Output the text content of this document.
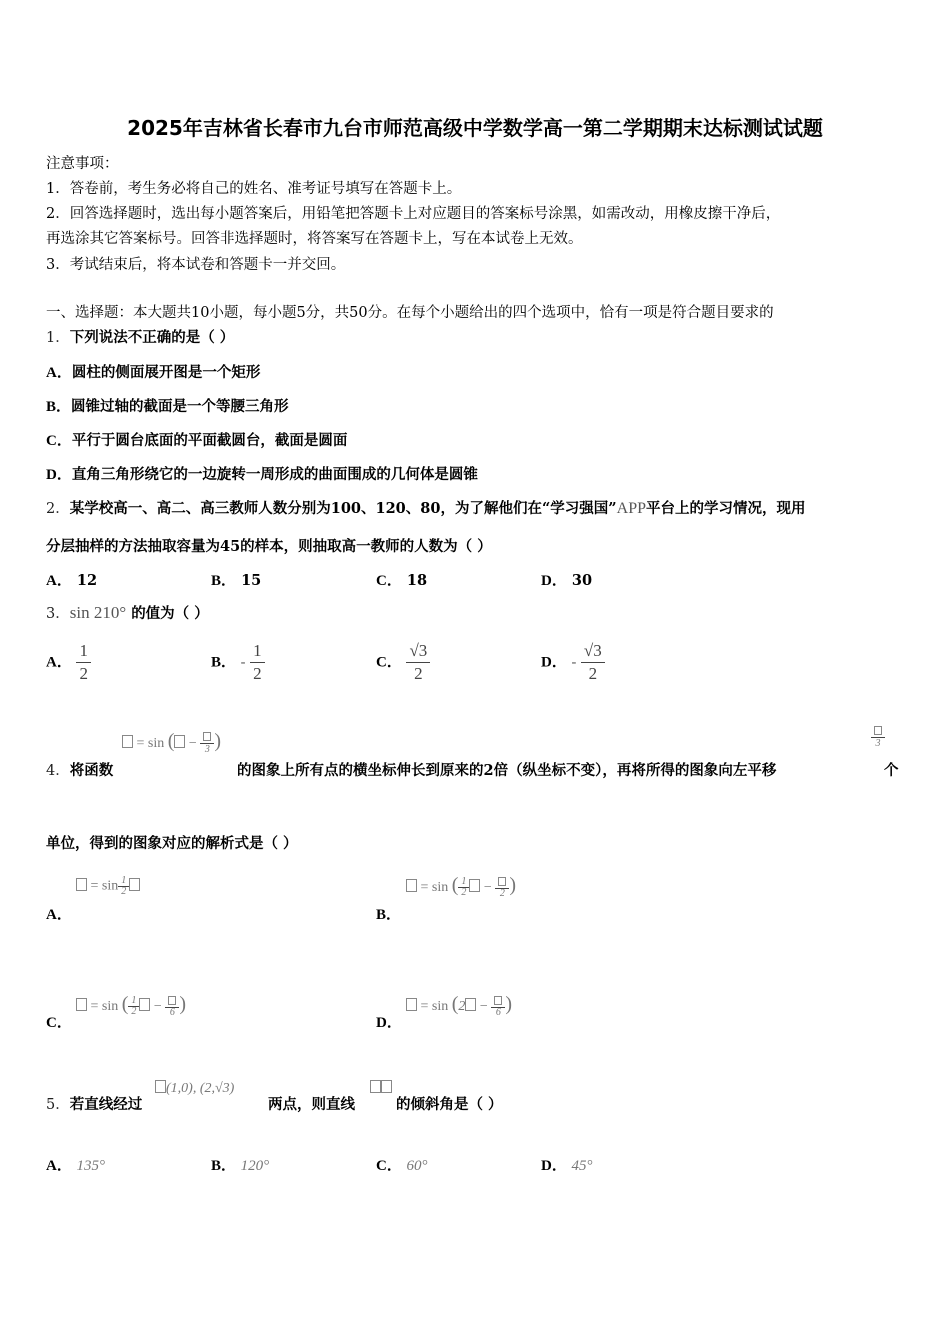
2025年吉林省长春市九台市师范高级中学数学高一第二学期期末达标测试试题
注意事项：
1．答卷前，考生务必将自己的姓名、准考证号填写在答题卡上。
2．回答选择题时，选出每小题答案后，用铅笔把答题卡上对应题目的答案标号涂黑，如需改动，用橡皮擦干净后，
再选涂其它答案标号。回答非选择题时，将答案写在答题卡上，写在本试卷上无效。
3．考试结束后，将本试卷和答题卡一并交回。
一、选择题：本大题共10小题，每小题5分，共50分。在每个小题给出的四个选项中，恰有一项是符合题目要求的
1．下列说法不正确的是（ ）
A．圆柱的侧面展开图是一个矩形
B．圆锥过轴的截面是一个等腰三角形
C．平行于圆台底面的平面截圆台，截面是圆面
D．直角三角形绕它的一边旋转一周形成的曲面围成的几何体是圆锥
2．某学校高一、高二、高三教师人数分别为100、120、80，为了解他们在“学习强国”APP平台上的学习情况，现用
分层抽样的方法抽取容量为45的样本，则抽取高一教师的人数为（ ）
A． 12	B． 15	C． 18	D． 30
3．sin 210° 的值为（ ）
A． $\frac{1}{2}$	B． - $\frac{1}{2}$	C． $\frac{√3}{2}$	D． - $\frac{√3}{2}$
= sin ( − 3 )
4．将函数	的图象上所有点的横坐标伸长到原来的2倍（纵坐标不变），再将所得的图象向左平移
3
个
单位，得到的图象对应的解析式是（ ）
A．
= $\sin \frac{1}{2}$
B．
= sin ( $\frac{1}{2} - 2$ )
C．
= sin ( $\frac{1}{2} - 6$ )
D．
= sin (2 − 6 )
5．若直线经过
(1,0), (2,√3)
两点，则直线	的倾斜角是（ ）
A． 135°	B． 120°	C． 60°	D． 45°
